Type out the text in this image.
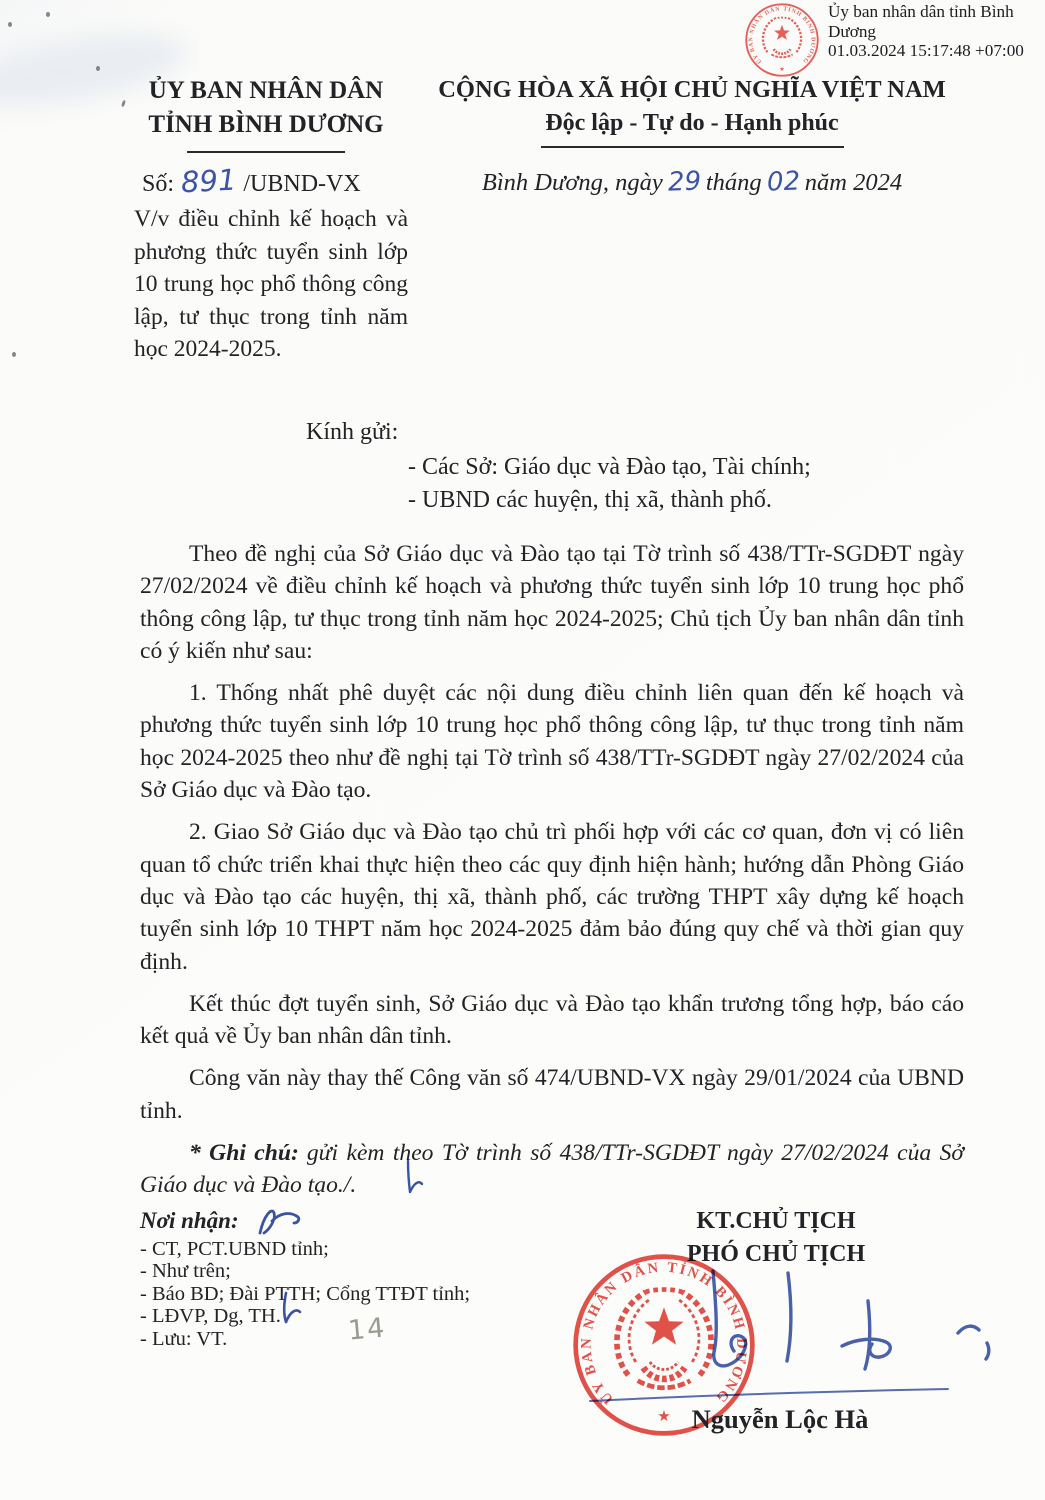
ỦY BAN NHÂN DÂN TỈNH BÌNH DƯƠNG
★
Ủy ban nhân dân tỉnh Bình Dương
01.03.2024 15:17:48 +07:00
ỦY BAN NHÂN DÂN
TỈNH BÌNH DƯƠNG
CỘNG HÒA XÃ HỘI CHỦ NGHĨA VIỆT NAM
Độc lập - Tự do - Hạnh phúc
Số: 891 /UBND-VX	Bình Dương, ngày 29 tháng 02 năm 2024
V/v điều chỉnh kế hoạch và phương thức tuyển sinh lớp 10 trung học phổ thông công lập, tư thục trong tỉnh năm học 2024-2025.
Kính gửi:
- Các Sở: Giáo dục và Đào tạo, Tài chính;
- UBND các huyện, thị xã, thành phố.

Theo đề nghị của Sở Giáo dục và Đào tạo tại Tờ trình số 438/TTr-SGDĐT ngày 27/02/2024 về điều chỉnh kế hoạch và phương thức tuyển sinh lớp 10 trung học phổ thông công lập, tư thục trong tỉnh năm học 2024-2025; Chủ tịch Ủy ban nhân dân tỉnh có ý kiến như sau:

1. Thống nhất phê duyệt các nội dung điều chỉnh liên quan đến kế hoạch và phương thức tuyển sinh lớp 10 trung học phổ thông công lập, tư thục trong tỉnh năm học 2024-2025 theo như đề nghị tại Tờ trình số 438/TTr-SGDĐT ngày 27/02/2024 của Sở Giáo dục và Đào tạo.

2. Giao Sở Giáo dục và Đào tạo chủ trì phối hợp với các cơ quan, đơn vị có liên quan tổ chức triển khai thực hiện theo các quy định hiện hành; hướng dẫn Phòng Giáo dục và Đào tạo các huyện, thị xã, thành phố, các trường THPT xây dựng kế hoạch tuyển sinh lớp 10 THPT năm học 2024-2025 đảm bảo đúng quy chế và thời gian quy định.

Kết thúc đợt tuyển sinh, Sở Giáo dục và Đào tạo khẩn trương tổng hợp, báo cáo kết quả về Ủy ban nhân dân tỉnh.

Công văn này thay thế Công văn số 474/UBND-VX ngày 29/01/2024 của UBND tỉnh.

* Ghi chú: gửi kèm theo Tờ trình số 438/TTr-SGDĐT ngày 27/02/2024 của Sở Giáo dục và Đào tạo./.

Nơi nhận:
- CT, PCT.UBND tỉnh;
- Như trên;
- Báo BD; Đài PTTH; Cổng TTĐT tỉnh;
- LĐVP, Dg, TH.
- Lưu: VT.	14
KT.CHỦ TỊCH
PHÓ CHỦ TỊCH
ỦY BAN NHÂN DÂN TỈNH BÌNH DƯƠNG
★ Nguyễn Lộc Hà
